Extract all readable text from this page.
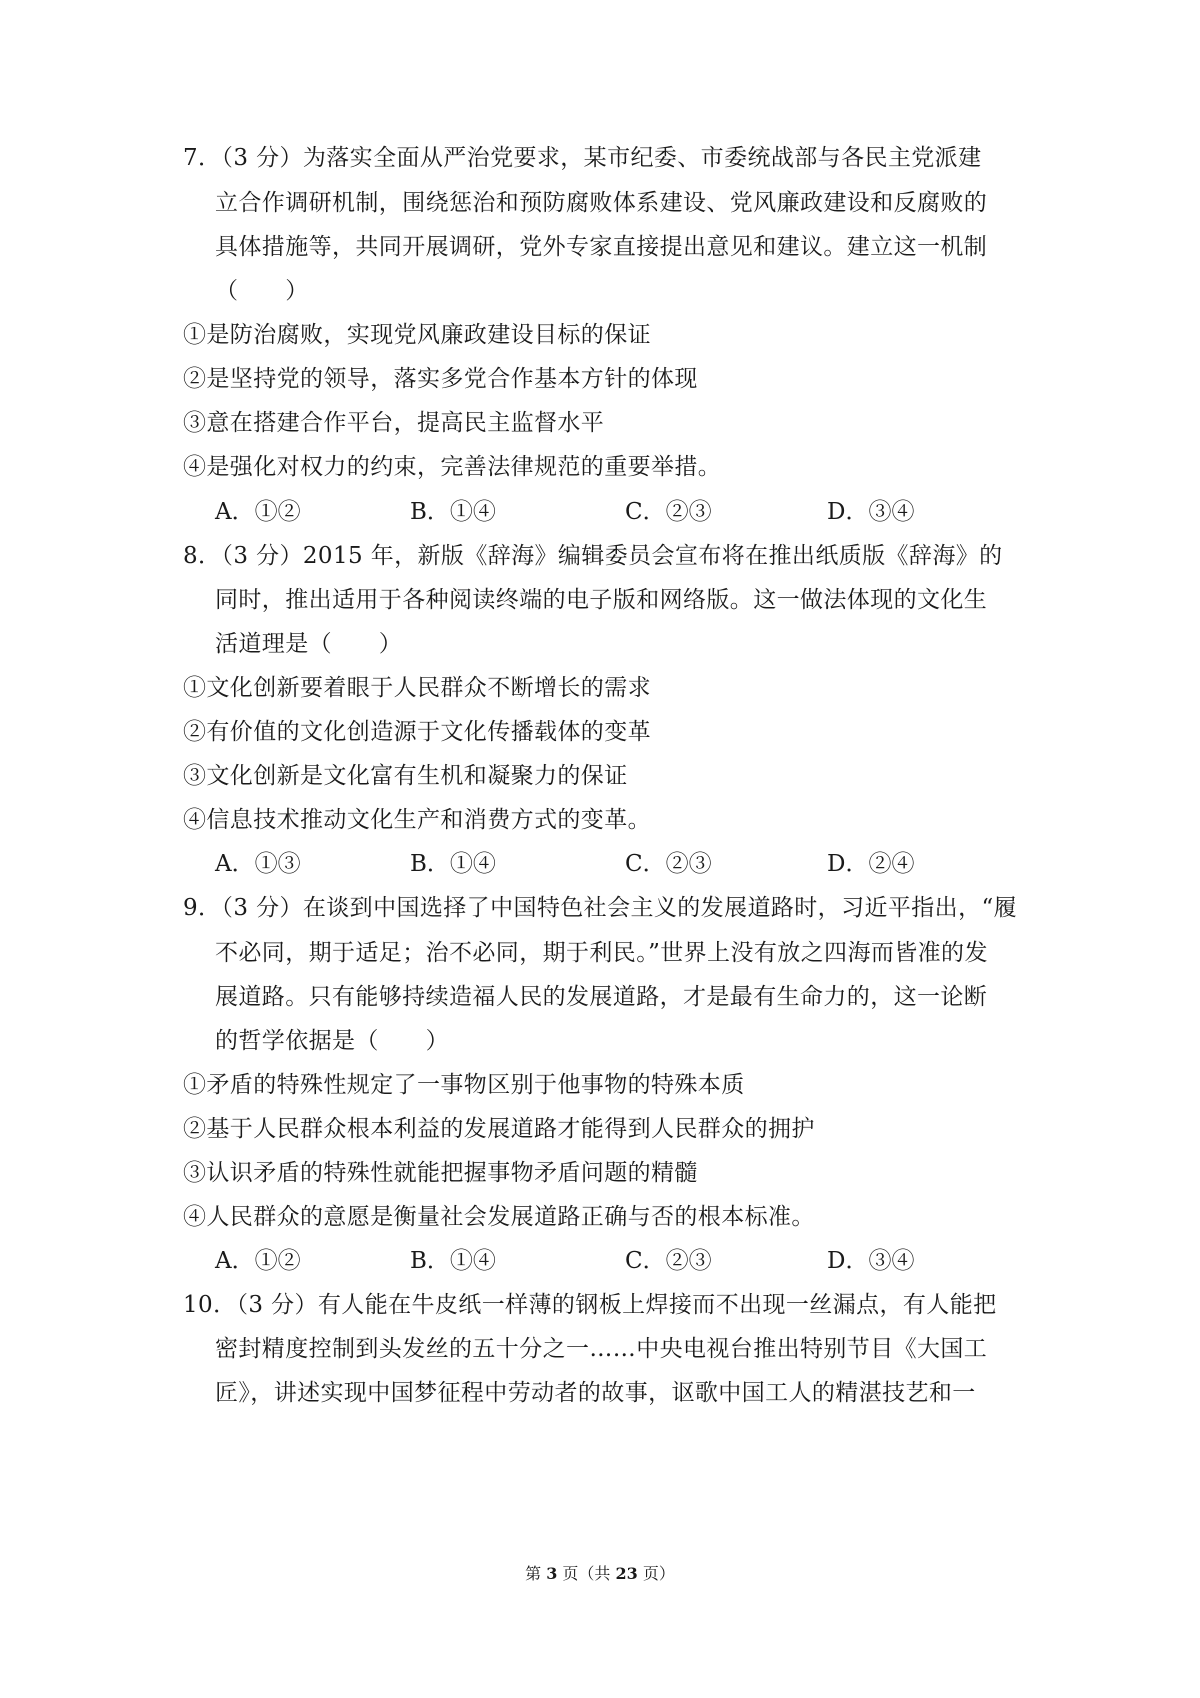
7．（3 分）为落实全面从严治党要求，某市纪委、市委统战部与各民主党派建
立合作调研机制，围绕惩治和预防腐败体系建设、党风廉政建设和反腐败的
具体措施等，共同开展调研，党外专家直接提出意见和建议。建立这一机制
（　　）
①是防治腐败，实现党风廉政建设目标的保证
②是坚持党的领导，落实多党合作基本方针的体现
③意在搭建合作平台，提高民主监督水平
④是强化对权力的约束，完善法律规范的重要举措。
A．①②	B．①④	C．②③	D．③④
8．（3 分）2015 年，新版《辞海》编辑委员会宣布将在推出纸质版《辞海》的
同时，推出适用于各种阅读终端的电子版和网络版。这一做法体现的文化生
活道理是（　　）
①文化创新要着眼于人民群众不断增长的需求
②有价值的文化创造源于文化传播载体的变革
③文化创新是文化富有生机和凝聚力的保证
④信息技术推动文化生产和消费方式的变革。
A．①③	B．①④	C．②③	D．②④
9．（3 分）在谈到中国选择了中国特色社会主义的发展道路时，习近平指出，“履
不必同，期于适足；治不必同，期于利民。”世界上没有放之四海而皆准的发
展道路。只有能够持续造福人民的发展道路，才是最有生命力的，这一论断
的哲学依据是（　　）
①矛盾的特殊性规定了一事物区别于他事物的特殊本质
②基于人民群众根本利益的发展道路才能得到人民群众的拥护
③认识矛盾的特殊性就能把握事物矛盾问题的精髓
④人民群众的意愿是衡量社会发展道路正确与否的根本标准。
A．①②	B．①④	C．②③	D．③④
10．（3 分）有人能在牛皮纸一样薄的钢板上焊接而不出现一丝漏点，有人能把
密封精度控制到头发丝的五十分之一……中央电视台推出特别节目《大国工
匠》，讲述实现中国梦征程中劳动者的故事，讴歌中国工人的精湛技艺和一
第 3 页（共 23 页）
